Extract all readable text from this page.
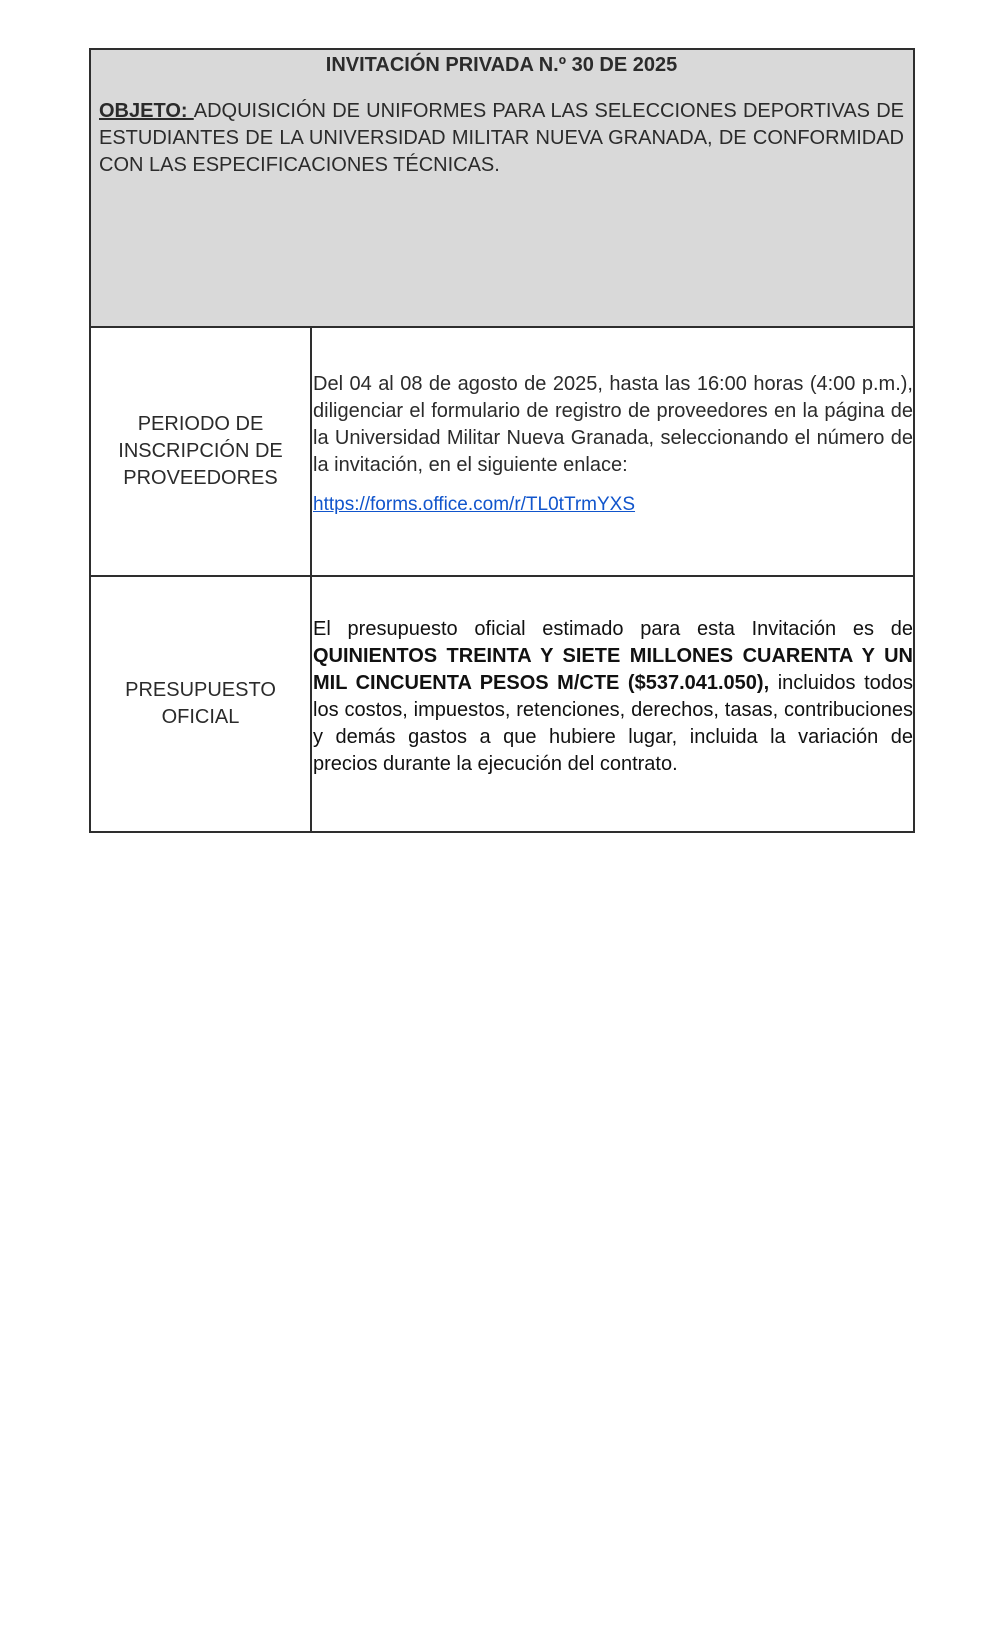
INVITACIÓN PRIVADA N.º 30 DE 2025

OBJETO: ADQUISICIÓN DE UNIFORMES PARA LAS SELECCIONES DEPORTIVAS DE ESTUDIANTES DE LA UNIVERSIDAD MILITAR NUEVA GRANADA, DE CONFORMIDAD CON LAS ESPECIFICACIONES TÉCNICAS.

PERIODO DE INSCRIPCIÓN DE PROVEEDORES

Del 04 al 08 de agosto de 2025, hasta las 16:00 horas (4:00 p.m.), diligenciar el formulario de registro de proveedores en la página de la Universidad Militar Nueva Granada, seleccionando el número de la invitación, en el siguiente enlace:

https://forms.office.com/r/TL0tTrmYXS
PRESUPUESTO OFICIAL

El presupuesto oficial estimado para esta Invitación es de QUINIENTOS TREINTA Y SIETE MILLONES CUARENTA Y UN MIL CINCUENTA PESOS M/CTE ($537.041.050), incluidos todos los costos, impuestos, retenciones, derechos, tasas, contribuciones y demás gastos a que hubiere lugar, incluida la variación de precios durante la ejecución del contrato.
